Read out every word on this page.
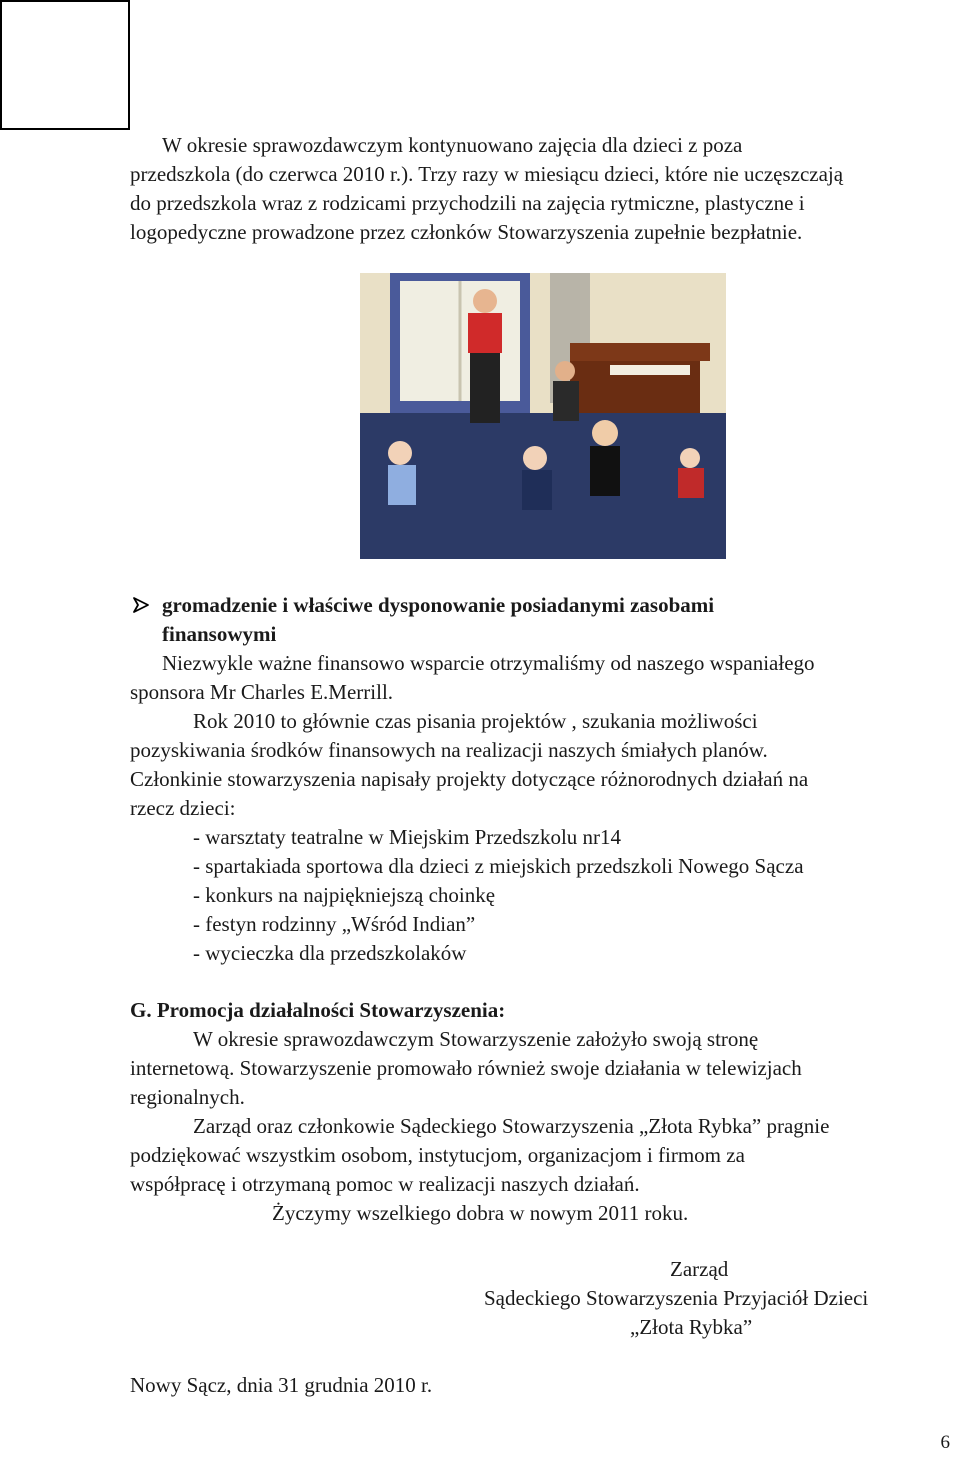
W okresie sprawozdawczym kontynuowano zajęcia dla dzieci z poza
przedszkola (do czerwca 2010 r.). Trzy razy w miesiącu dzieci, które nie uczęszczają
do przedszkola wraz z rodzicami przychodzili na zajęcia rytmiczne, plastyczne i
logopedyczne prowadzone przez członków Stowarzyszenia zupełnie bezpłatnie.
gromadzenie i właściwe dysponowanie posiadanymi zasobami
finansowymi
Niezwykle ważne finansowo wsparcie otrzymaliśmy od naszego wspaniałego
sponsora Mr Charles E.Merrill.
Rok 2010 to głównie czas pisania projektów , szukania możliwości
pozyskiwania środków finansowych na realizacji naszych śmiałych planów.
Członkinie stowarzyszenia napisały projekty dotyczące różnorodnych działań na
rzecz dzieci:
- warsztaty teatralne w Miejskim Przedszkolu nr14
- spartakiada sportowa dla dzieci z miejskich przedszkoli Nowego Sącza
- konkurs na najpiękniejszą choinkę
- festyn rodzinny „Wśród Indian”
- wycieczka dla przedszkolaków
G. Promocja działalności Stowarzyszenia:
W okresie sprawozdawczym Stowarzyszenie założyło swoją stronę
internetową. Stowarzyszenie promowało również swoje działania w telewizjach
regionalnych.
Zarząd oraz członkowie Sądeckiego Stowarzyszenia „Złota Rybka” pragnie
podziękować wszystkim osobom, instytucjom, organizacjom i firmom za
współpracę i otrzymaną pomoc w realizacji naszych działań.
Życzymy wszelkiego dobra w nowym 2011 roku.
Zarząd
Sądeckiego Stowarzyszenia Przyjaciół Dzieci
„Złota Rybka”
Nowy Sącz, dnia 31 grudnia 2010 r.
6
